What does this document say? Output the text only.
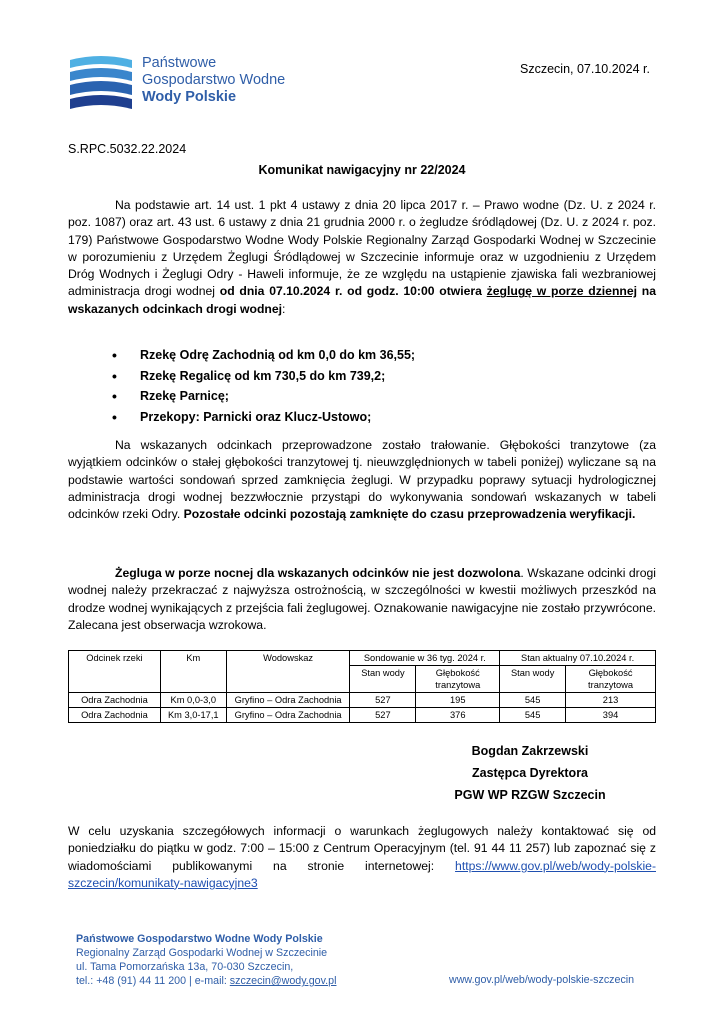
Państwowe
Gospodarstwo Wodne
Wody Polskie
Szczecin, 07.10.2024 r.
S.RPC.5032.22.2024
Komunikat nawigacyjny nr 22/2024
Na podstawie art. 14 ust. 1 pkt 4 ustawy z dnia 20 lipca 2017 r. – Prawo wodne (Dz. U. z 2024 r. poz. 1087) oraz art. 43 ust. 6 ustawy z dnia 21 grudnia 2000 r. o żegludze śródlądowej (Dz. U. z 2024 r. poz. 179) Państwowe Gospodarstwo Wodne Wody Polskie Regionalny Zarząd Gospodarki Wodnej w Szczecinie w porozumieniu z Urzędem Żeglugi Śródlądowej w Szczecinie informuje oraz w uzgodnieniu z Urzędem Dróg Wodnych i Żeglugi Odry - Haweli informuje, że ze względu na ustąpienie zjawiska fali wezbraniowej administracja drogi wodnej od dnia 07.10.2024 r. od godz. 10:00 otwiera żeglugę w porze dziennej na wskazanych odcinkach drogi wodnej:
• Rzekę Odrę Zachodnią od km 0,0 do km 36,55;
• Rzekę Regalicę od km 730,5 do km 739,2;
• Rzekę Parnicę;
• Przekopy: Parnicki oraz Klucz-Ustowo;
Na wskazanych odcinkach przeprowadzone zostało trałowanie. Głębokości tranzytowe (za wyjątkiem odcinków o stałej głębokości tranzytowej tj. nieuwzględnionych w tabeli poniżej) wyliczane są na podstawie wartości sondowań sprzed zamknięcia żeglugi. W przypadku poprawy sytuacji hydrologicznej administracja drogi wodnej bezzwłocznie przystąpi do wykonywania sondowań wskazanych w tabeli odcinków rzeki Odry. Pozostałe odcinki pozostają zamknięte do czasu przeprowadzenia weryfikacji.
Żegluga w porze nocnej dla wskazanych odcinków nie jest dozwolona. Wskazane odcinki drogi wodnej należy przekraczać z najwyższa ostrożnością, w szczególności w kwestii możliwych przeszkód na drodze wodnej wynikających z przejścia fali żeglugowej. Oznakowanie nawigacyjne nie zostało przywrócone. Zalecana jest obserwacja wzrokowa.
Odcinek rzeki	Km	Wodowskaz	Sondowanie w 36 tyg. 2024 r.		Stan aktualny 07.10.2024 r.	
			Stan wody	Głębokość tranzytowa	Stan wody	Głębokość tranzytowa
Odra Zachodnia	Km 0,0-3,0	Gryfino – Odra Zachodnia	527	195	545	213
Odra Zachodnia	Km 3,0-17,1	Gryfino – Odra Zachodnia	527	376	545	394
Bogdan Zakrzewski
Zastępca Dyrektora
PGW WP RZGW Szczecin
W celu uzyskania szczegółowych informacji o warunkach żeglugowych należy kontaktować się od poniedziałku do piątku w godz. 7:00 – 15:00 z Centrum Operacyjnym (tel. 91 44 11 257) lub zapoznać się z wiadomościami publikowanymi na stronie internetowej: https://www.gov.pl/web/wody-polskie-szczecin/komunikaty-nawigacyjne3
Państwowe Gospodarstwo Wodne Wody Polskie
Regionalny Zarząd Gospodarki Wodnej w Szczecinie
ul. Tama Pomorzańska 13a, 70-030 Szczecin,
tel.: +48 (91) 44 11 200 | e-mail: szczecin@wody.gov.pl	www.gov.pl/web/wody-polskie-szczecin
